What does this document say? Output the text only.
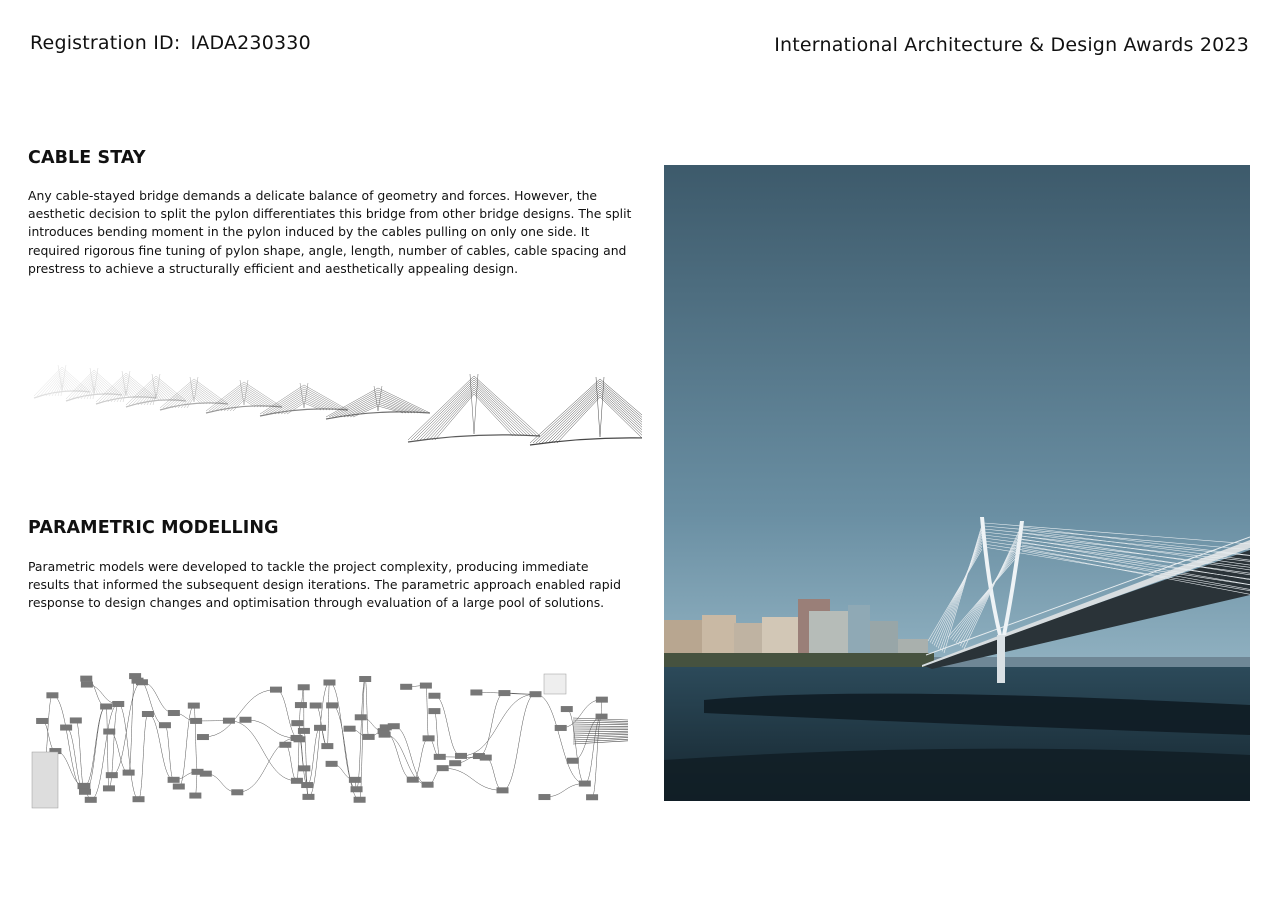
Registration ID: IADA230330	International Architecture & Design Awards 2023
CABLE STAY
Any cable-stayed bridge demands a delicate balance of geometry and forces. However, the aesthetic decision to split the pylon differentiates this bridge from other bridge designs. The split introduces bending moment in the pylon induced by the cables pulling on only one side. It required rigorous fine tuning of pylon shape, angle, length, number of cables, cable spacing and prestress to achieve a structurally efficient and aesthetically appealing design.
PARAMETRIC MODELLING
Parametric models were developed to tackle the project complexity, producing immediate results that informed the subsequent design iterations. The parametric approach enabled rapid response to design changes and optimisation through evaluation of a large pool of solutions.
